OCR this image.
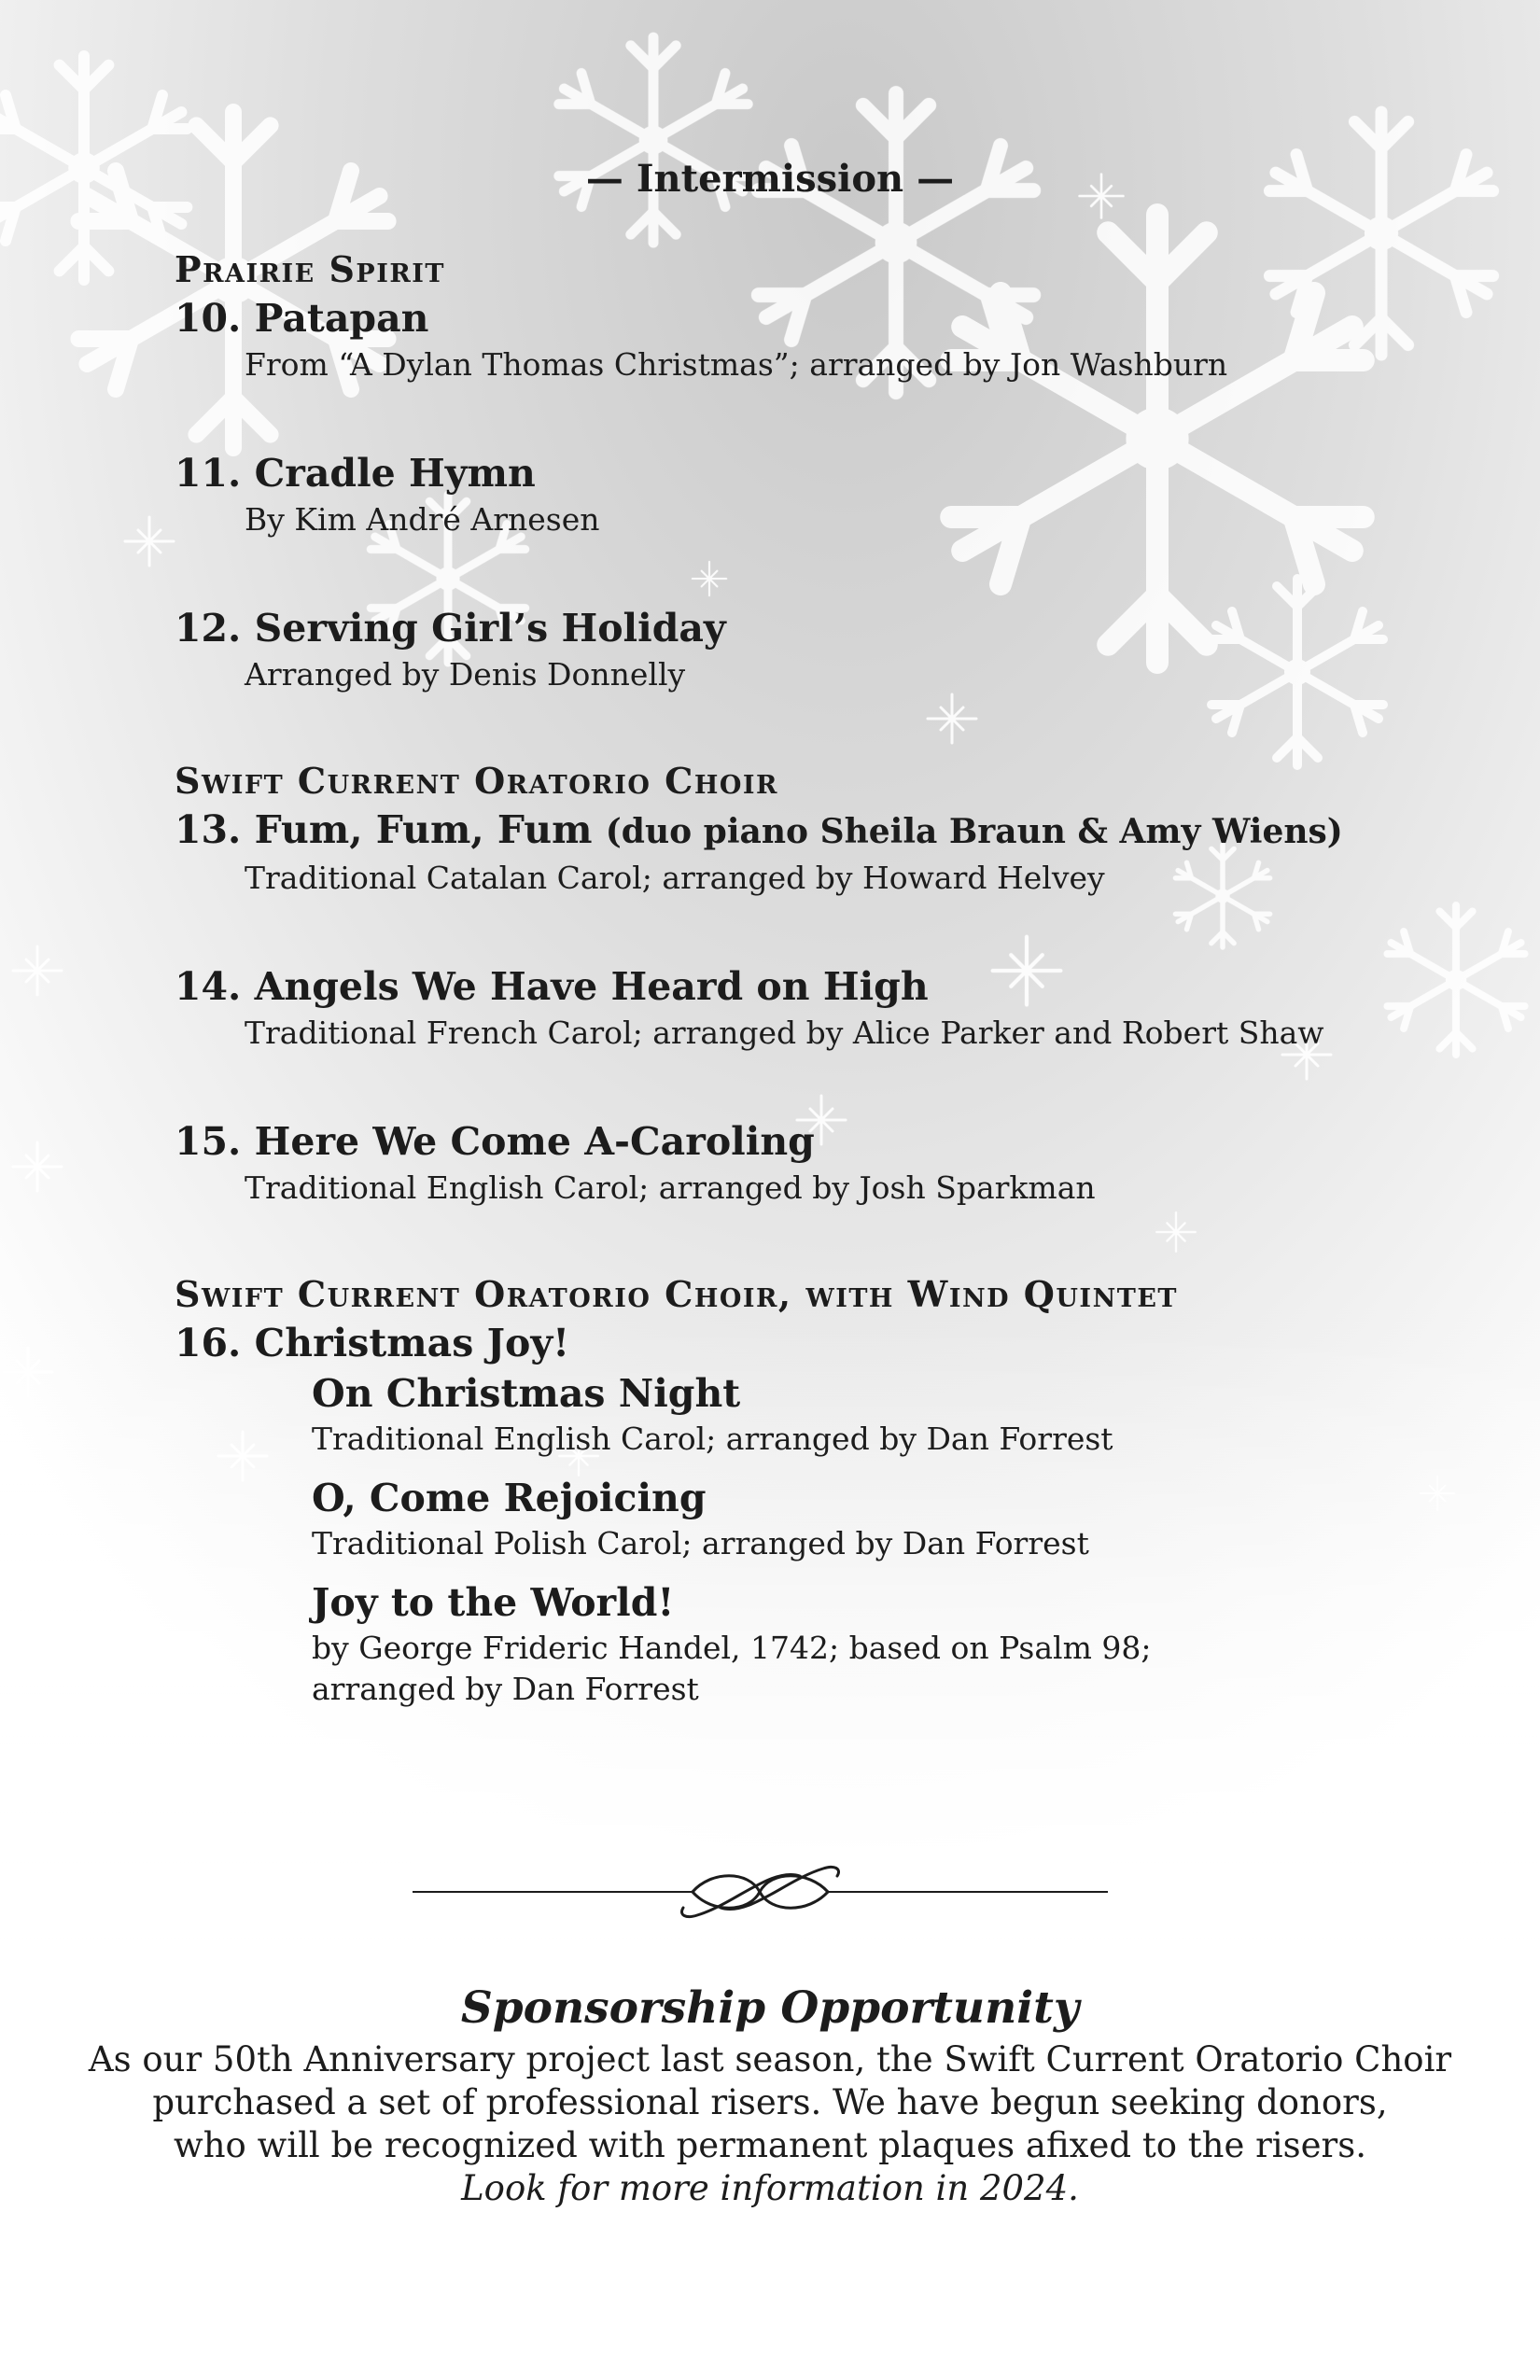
— Intermission —
Prairie Spirit
10. Patapan
From “A Dylan Thomas Christmas”; arranged by Jon Washburn
11. Cradle Hymn
By Kim André Arnesen
12. Serving Girl’s Holiday
Arranged by Denis Donnelly
Swift Current Oratorio Choir
13. Fum, Fum, Fum (duo piano Sheila Braun & Amy Wiens)
Traditional Catalan Carol; arranged by Howard Helvey
14. Angels We Have Heard on High
Traditional French Carol; arranged by Alice Parker and Robert Shaw
15. Here We Come A-Caroling
Traditional English Carol; arranged by Josh Sparkman
Swift Current Oratorio Choir, with Wind Quintet
16. Christmas Joy!
On Christmas Night
Traditional English Carol; arranged by Dan Forrest
O, Come Rejoicing
Traditional Polish Carol; arranged by Dan Forrest
Joy to the World!
by George Frideric Handel, 1742; based on Psalm 98;
arranged by Dan Forrest
Sponsorship Opportunity
As our 50th Anniversary project last season, the Swift Current Oratorio Choir
purchased a set of professional risers. We have begun seeking donors,
who will be recognized with permanent plaques afixed to the risers.
Look for more information in 2024.
